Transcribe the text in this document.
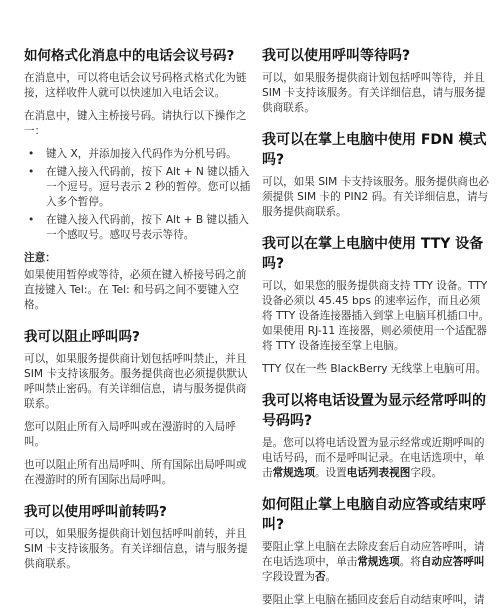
如何格式化消息中的电话会议号码?

在消息中，可以将电话会议号码格式格式化为链接，这样收件人就可以快速加入电话会议。

在消息中，键入主桥接号码。请执行以下操作之一：

• 键入 X，并添加接入代码作为分机号码。
• 在键入接入代码前，按下 Alt + N 键以插入一个逗号。逗号表示 2 秒的暂停。您可以插入多个暂停。
• 在键入接入代码前，按下 Alt + B 键以插入一个感叹号。感叹号表示等待。

注意：

如果使用暂停或等待，必须在键入桥接号码之前直接键入 Tel:。在 Tel: 和号码之间不要键入空格。

我可以阻止呼叫吗?

可以，如果服务提供商计划包括呼叫禁止，并且 SIM 卡支持该服务。服务提供商也必须提供默认呼叫禁止密码。有关详细信息，请与服务提供商联系。

您可以阻止所有入局呼叫或在漫游时的入局呼叫。

也可以阻止所有出局呼叫、所有国际出局呼叫或在漫游时的所有国际出局呼叫。

我可以使用呼叫前转吗?

可以，如果服务提供商计划包括呼叫前转，并且 SIM 卡支持该服务。有关详细信息，请与服务提供商联系。

我可以使用呼叫等待吗?

可以，如果服务提供商计划包括呼叫等待，并且 SIM 卡支持该服务。有关详细信息，请与服务提供商联系。

我可以在掌上电脑中使用 FDN 模式吗?

可以，如果 SIM 卡支持该服务。服务提供商也必须提供 SIM 卡的 PIN2 码。有关详细信息，请与服务提供商联系。

我可以在掌上电脑中使用 TTY 设备吗?

可以，如果您的服务提供商支持 TTY 设备。TTY 设备必须以 45.45 bps 的速率运作，而且必须将 TTY 设备连接器插入到掌上电脑耳机插口中。如果使用 RJ-11 连接器，则必须使用一个适配器将 TTY 设备连接至掌上电脑。

TTY 仅在一些 BlackBerry 无线掌上电脑可用。

我可以将电话设置为显示经常呼叫的号码吗?

是。您可以将电话设置为显示经常或近期呼叫的电话号码，而不是呼叫记录。在电话选项中，单击常规选项。设置电话列表视图字段。

如何阻止掌上电脑自动应答或结束呼叫?

要阻止掌上电脑在去除皮套后自动应答呼叫，请在电话选项中，单击常规选项。将自动应答呼叫字段设置为否。

要阻止掌上电脑在插回皮套后自动结束呼叫，请
